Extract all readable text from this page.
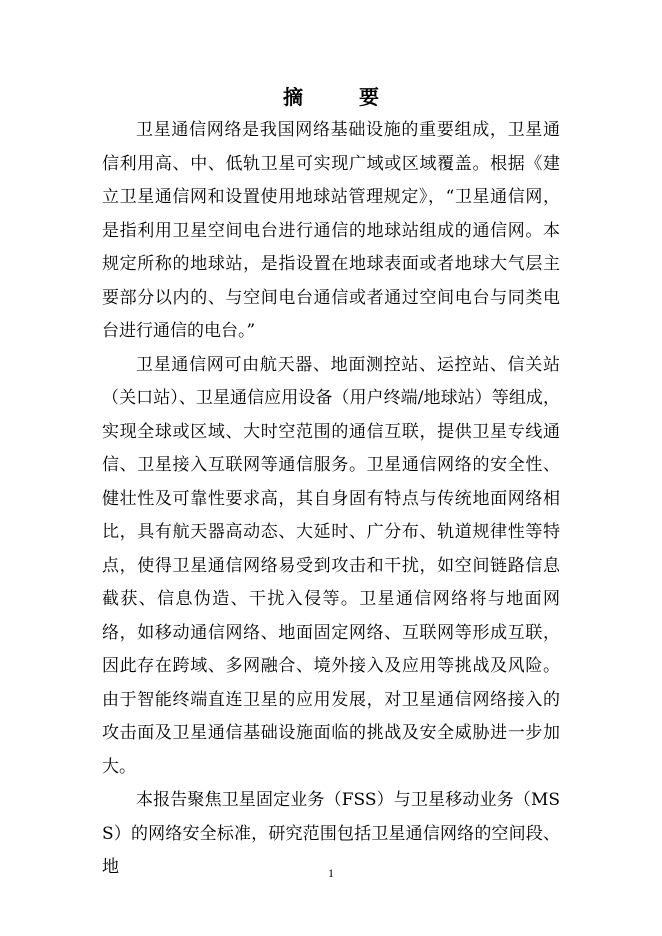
摘　要

卫星通信网络是我国网络基础设施的重要组成，卫星通信利用高、中、低轨卫星可实现广域或区域覆盖。根据《建立卫星通信网和设置使用地球站管理规定》，“卫星通信网，是指利用卫星空间电台进行通信的地球站组成的通信网。本规定所称的地球站，是指设置在地球表面或者地球大气层主要部分以内的、与空间电台通信或者通过空间电台与同类电台进行通信的电台。”

卫星通信网可由航天器、地面测控站、运控站、信关站（关口站）、卫星通信应用设备（用户终端/地球站）等组成，实现全球或区域、大时空范围的通信互联，提供卫星专线通信、卫星接入互联网等通信服务。卫星通信网络的安全性、健壮性及可靠性要求高，其自身固有特点与传统地面网络相比，具有航天器高动态、大延时、广分布、轨道规律性等特点，使得卫星通信网络易受到攻击和干扰，如空间链路信息截获、信息伪造、干扰入侵等。卫星通信网络将与地面网络，如移动通信网络、地面固定网络、互联网等形成互联，因此存在跨域、多网融合、境外接入及应用等挑战及风险。由于智能终端直连卫星的应用发展，对卫星通信网络接入的攻击面及卫星通信基础设施面临的挑战及安全威胁进一步加大。

本报告聚焦卫星固定业务（FSS）与卫星移动业务（MSS）的网络安全标准，研究范围包括卫星通信网络的空间段、地	1
